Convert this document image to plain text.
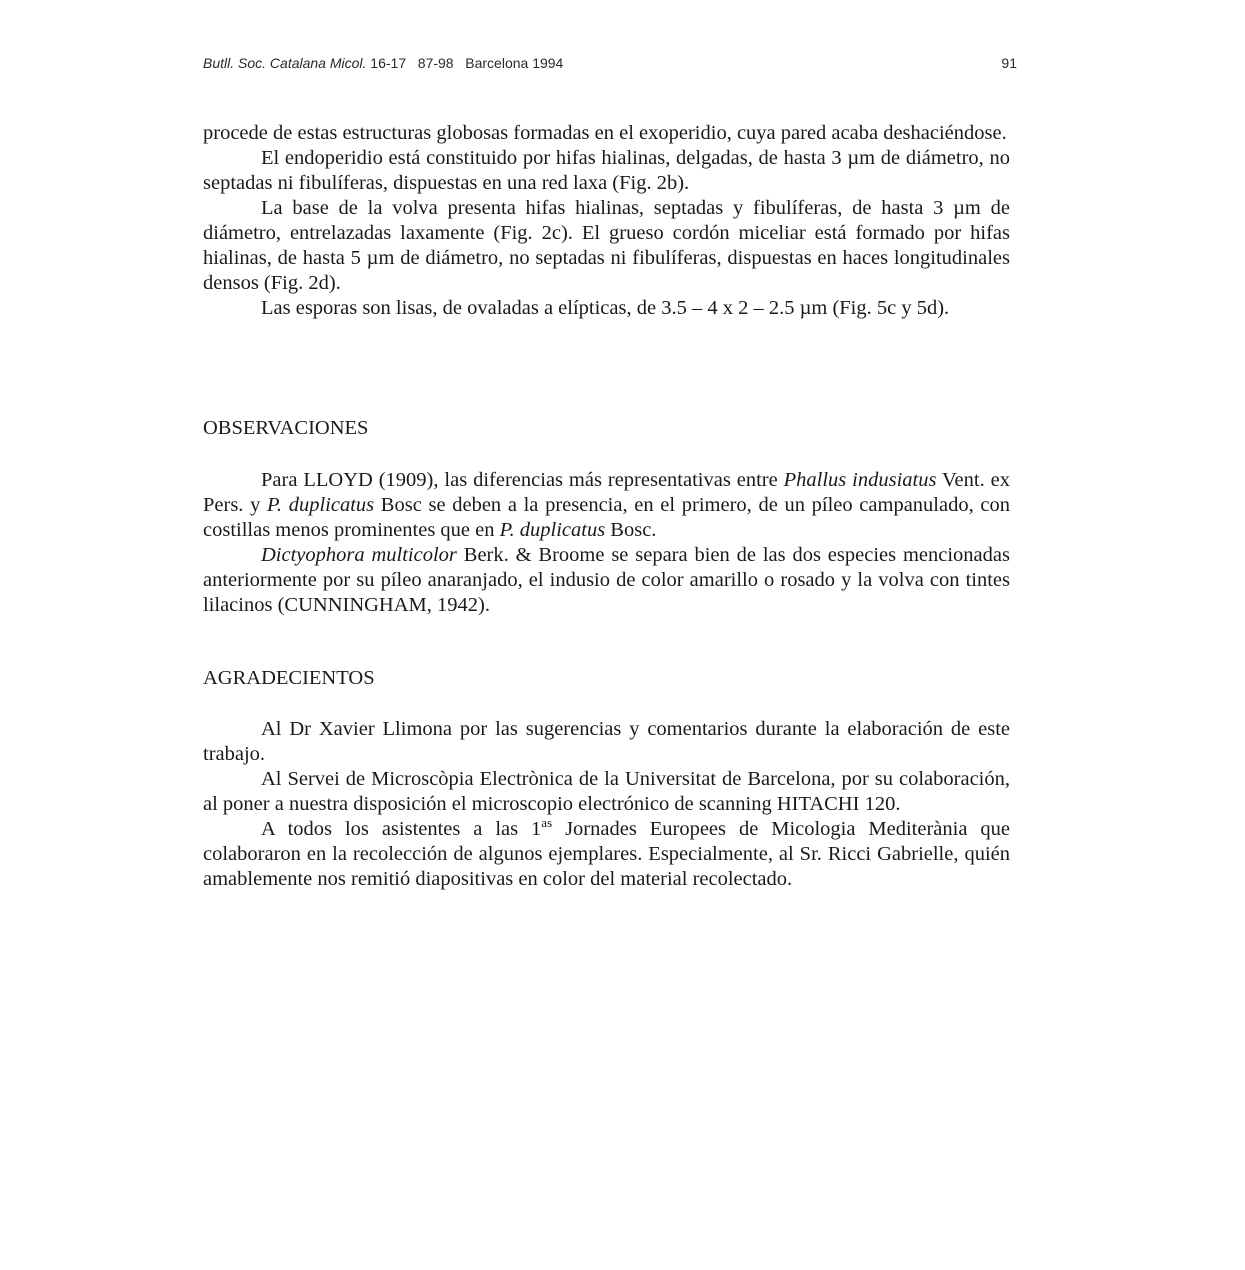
Butll. Soc. Catalana Micol. 16-17 87-98 Barcelona 1994	91

procede de estas estructuras globosas formadas en el exoperidio, cuya pared acaba deshaciéndose.

El endoperidio está constituido por hifas hialinas, delgadas, de hasta 3 µm de diámetro, no septadas ni fibulíferas, dispuestas en una red laxa (Fig. 2b).

La base de la volva presenta hifas hialinas, septadas y fibulíferas, de hasta 3 µm de diámetro, entrelazadas laxamente (Fig. 2c). El grueso cordón miceliar está formado por hifas hialinas, de hasta 5 µm de diámetro, no septadas ni fibulíferas, dispuestas en haces longitudinales densos (Fig. 2d).

Las esporas son lisas, de ovaladas a elípticas, de 3.5 – 4 x 2 – 2.5 µm (Fig. 5c y 5d).

OBSERVACIONES

Para LLOYD (1909), las diferencias más representativas entre Phallus indusiatus Vent. ex Pers. y P. duplicatus Bosc se deben a la presencia, en el primero, de un píleo campanulado, con costillas menos prominentes que en P. duplicatus Bosc.

Dictyophora multicolor Berk. & Broome se separa bien de las dos especies mencionadas anteriormente por su píleo anaranjado, el indusio de color amarillo o rosado y la volva con tintes lilacinos (CUNNINGHAM, 1942).

AGRADECIENTOS

Al Dr Xavier Llimona por las sugerencias y comentarios durante la elaboración de este trabajo.

Al Servei de Microscòpia Electrònica de la Universitat de Barcelona, por su colaboración, al poner a nuestra disposición el microscopio electrónico de scanning HITACHI 120.

A todos los asistentes a las $1^{as}$ Jornades Europees de Micologia Mediterània que colaboraron en la recolección de algunos ejemplares. Especialmente, al Sr. Ricci Gabrielle, quién amablemente nos remitió diapositivas en color del material recolectado.
